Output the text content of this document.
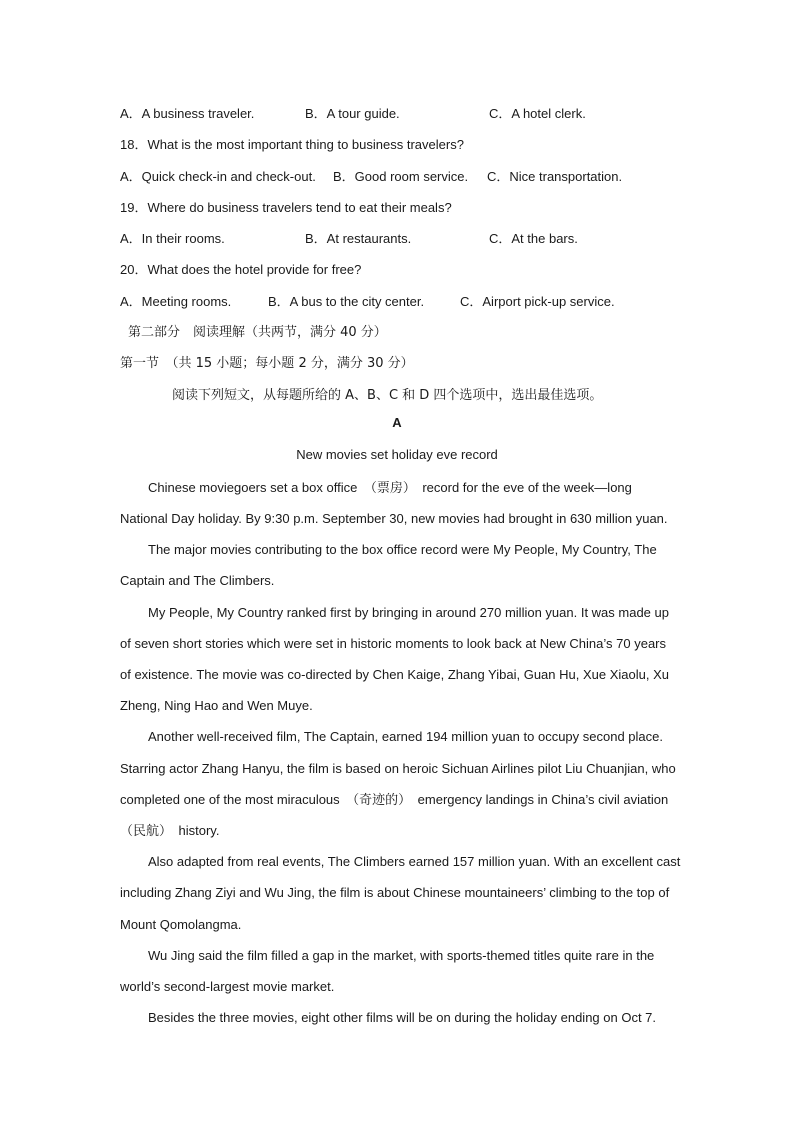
A．A business traveler.	B．A tour guide.	C．A hotel clerk.
18．What is the most important thing to business travelers?
A．Quick check-in and check-out. B．Good room service. C．Nice transportation.
19．Where do business travelers tend to eat their meals?
A．In their rooms.	B．At restaurants.	C．At the bars.
20．What does the hotel provide for free?
A．Meeting rooms.	B．A bus to the city center.	C．Airport pick-up service.
第二部分　阅读理解（共两节，满分 40 分）
第一节　（共 15 小题；每小题 2 分，满分 30 分）
阅读下列短文，从每题所给的 A、B、C 和 D 四个选项中，选出最佳选项。
A
New movies set holiday eve record
Chinese moviegoers set a box office　（票房）　record for the eve of the week—long
National Day holiday. By 9:30 p.m. September 30, new movies had brought in 630 million yuan.
The major movies contributing to the box office record were My People, My Country, The
Captain and The Climbers.
My People, My Country ranked first by bringing in around 270 million yuan. It was made up
of seven short stories which were set in historic moments to look back at New China’s 70 years
of existence. The movie was co-directed by Chen Kaige, Zhang Yibai, Guan Hu, Xue Xiaolu, Xu
Zheng, Ning Hao and Wen Muye.
Another well-received film, The Captain, earned 194 million yuan to occupy second place.
Starring actor Zhang Hanyu, the film is based on heroic Sichuan Airlines pilot Liu Chuanjian, who
completed one of the most miraculous　（奇迹的）　emergency landings in China’s civil aviation
（民航）　history.
Also adapted from real events, The Climbers earned 157 million yuan. With an excellent cast
including Zhang Ziyi and Wu Jing, the film is about Chinese mountaineers’ climbing to the top of
Mount Qomolangma.
Wu Jing said the film filled a gap in the market, with sports-themed titles quite rare in the
world’s second-largest movie market.
Besides the three movies, eight other films will be on during the holiday ending on Oct 7.
